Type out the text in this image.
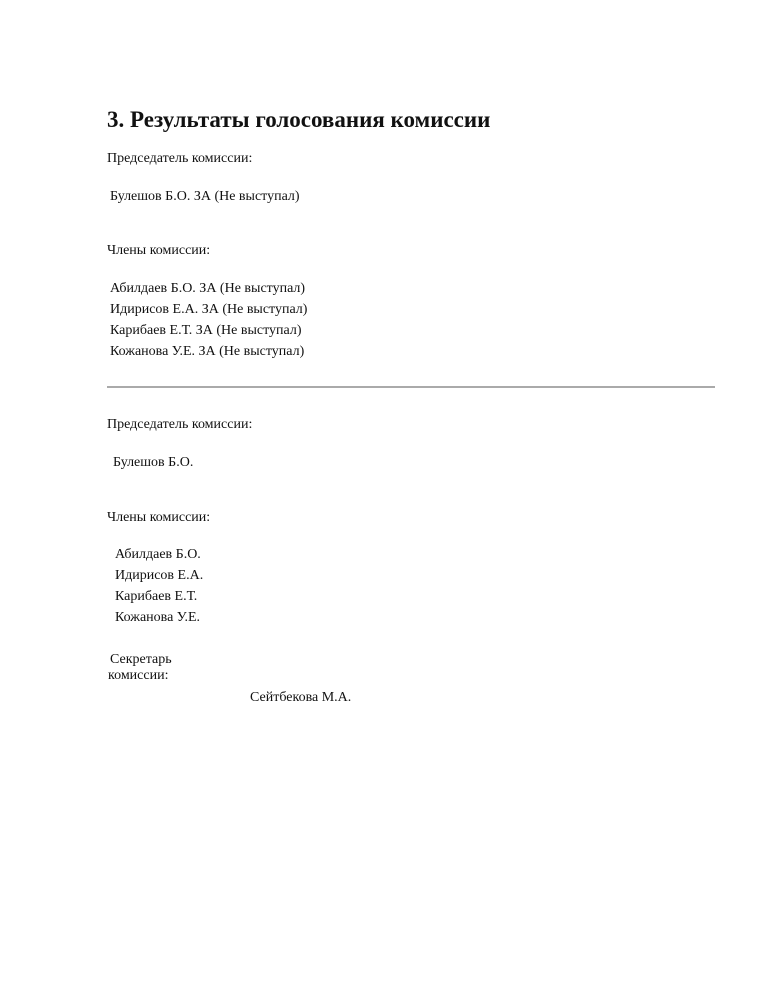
3. Результаты голосования комиссии
Председатель комиссии:
Булешов Б.О. ЗА (Не выступал)
Члены комиссии:
Абилдаев Б.О. ЗА (Не выступал)
Идирисов Е.А. ЗА (Не выступал)
Карибаев Е.Т. ЗА (Не выступал)
Кожанова У.Е. ЗА (Не выступал)
Председатель комиссии:
Булешов Б.О.
Члены комиссии:
Абилдаев Б.О.
Идирисов Е.А.
Карибаев Е.Т.
Кожанова У.Е.
Секретарь
комиссии:
Сейтбекова М.А.
